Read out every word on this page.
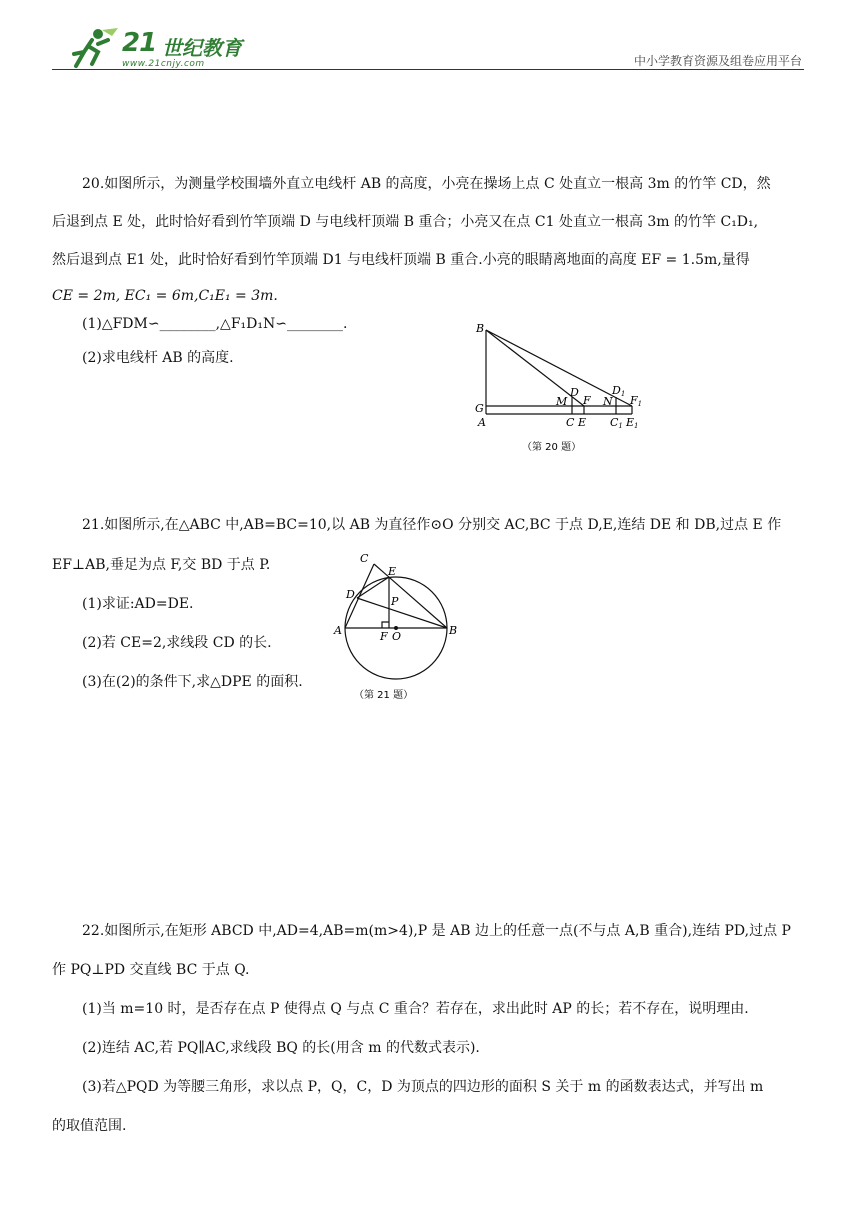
21 世纪教育
www.21cnjy.com	中小学教育资源及组卷应用平台
20.如图所示，为测量学校围墙外直立电线杆 AB 的高度，小亮在操场上点 C 处直立一根高 3m 的竹竿 CD，然
后退到点 E 处，此时恰好看到竹竿顶端 D 与电线杆顶端 B 重合；小亮又在点 C1 处直立一根高 3m 的竹竿 C₁D₁,
然后退到点 E1 处，此时恰好看到竹竿顶端 D1 与电线杆顶端 B 重合.小亮的眼睛离地面的高度 EF = 1.5m,量得
CE = 2m, EC₁ = 6m,C₁E₁ = 3m.
(1)△FDM∽________,△F₁D₁N∽________.
(2)求电线杆 AB 的高度.
B
G
A
M
D
F
C E
N
D1 F1
C1 E1
（第 20 题）
21.如图所示,在△ABC 中,AB=BC=10,以 AB 为直径作⊙O 分别交 AC,BC 于点 D,E,连结 DE 和 DB,过点 E 作
EF⊥AB,垂足为点 F,交 BD 于点 P.
(1)求证:AD=DE.
(2)若 CE=2,求线段 CD 的长.
(3)在(2)的条件下,求△DPE 的面积.
C
E
D
P
A	F O	B
（第 21 题）
22.如图所示,在矩形 ABCD 中,AD=4,AB=m(m>4),P 是 AB 边上的任意一点(不与点 A,B 重合),连结 PD,过点 P
作 PQ⊥PD 交直线 BC 于点 Q.
(1)当 m=10 时，是否存在点 P 使得点 Q 与点 C 重合？若存在，求出此时 AP 的长；若不存在，说明理由.
(2)连结 AC,若 PQ∥AC,求线段 BQ 的长(用含 m 的代数式表示).
(3)若△PQD 为等腰三角形，求以点 P，Q，C，D 为顶点的四边形的面积 S 关于 m 的函数表达式，并写出 m
的取值范围.
